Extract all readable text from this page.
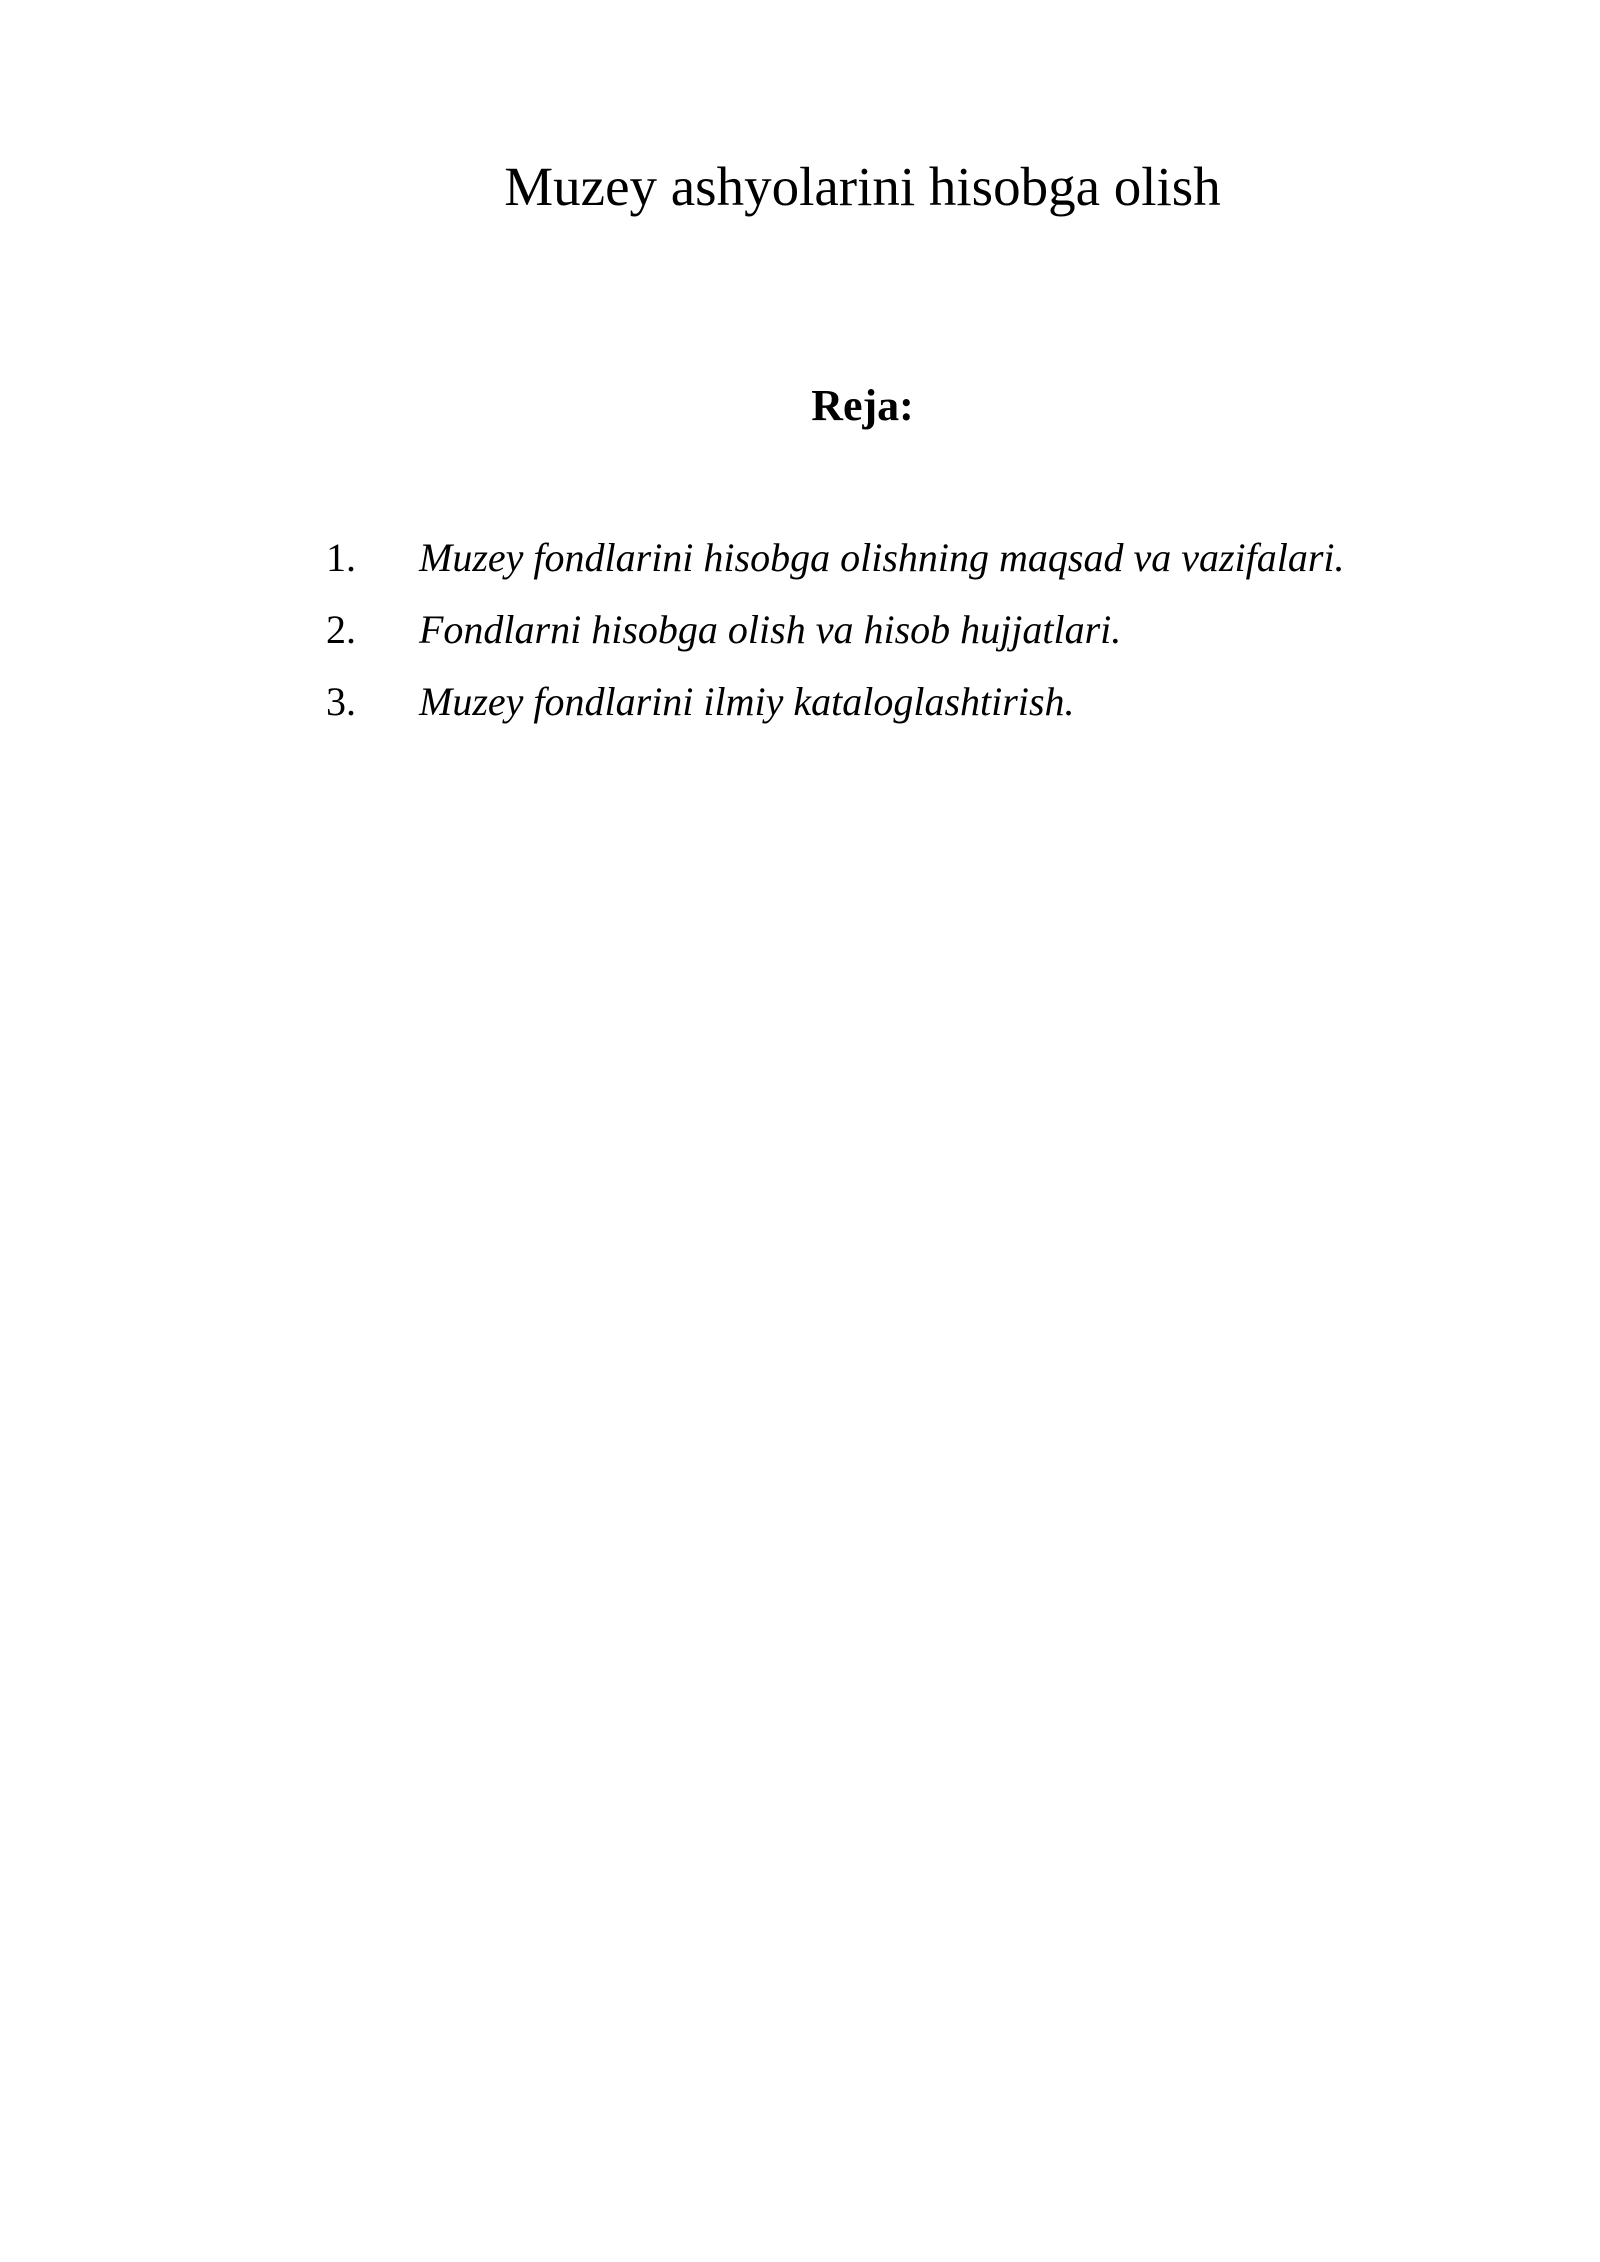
Muzey ashyolarini hisobga olish
Reja:
1. Muzey fondlarini hisobga olishning maqsad va vazifalari.
2. Fondlarni hisobga olish va hisob hujjatlari.
3. Muzey fondlarini ilmiy kataloglashtirish.
